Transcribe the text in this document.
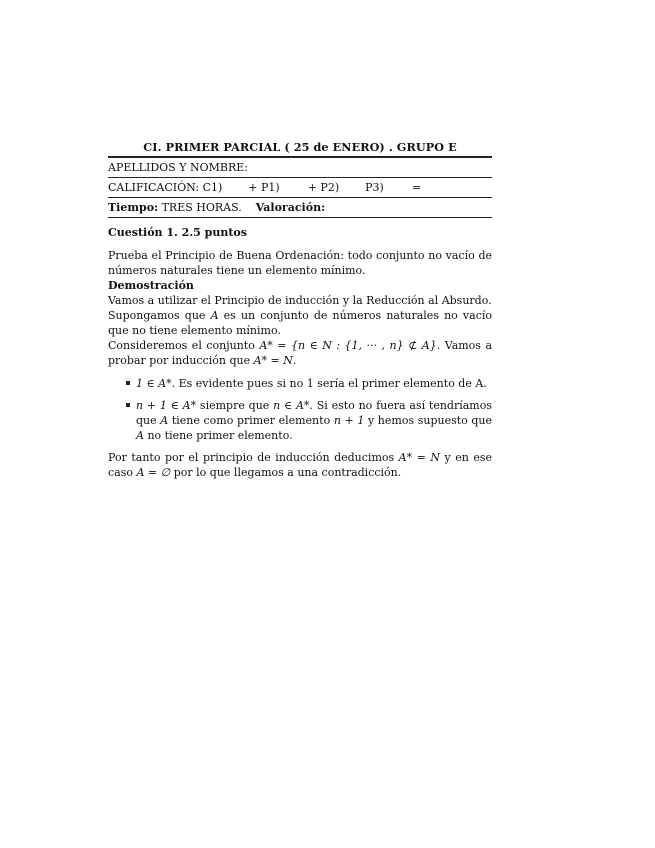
CI. PRIMER PARCIAL ( 25 de ENERO) . GRUPO E
APELLIDOS Y NOMBRE:
CALIFICACIÓN: C1) + P1)	+ P2) P3)	=
Tiempo: TRES HORAS. Valoración:
Cuestión 1. 2.5 puntos

Prueba el Principio de Buena Ordenación: todo conjunto no vacío de números naturales tiene un elemento mínimo.

Demostración

Vamos a utilizar el Principio de inducción y la Reducción al Absurdo.

Supongamos que A es un conjunto de números naturales no vacío que no tiene elemento mínimo.

Consideremos el conjunto A* = {n ∈ N : {1, ··· , n} ⊄ A}. Vamos a probar por inducción que A* = N.

1 ∈ A*. Es evidente pues si no 1 sería el primer elemento de A.
n + 1 ∈ A* siempre que n ∈ A*. Si esto no fuera así tendríamos que A tiene como primer elemento n + 1 y hemos supuesto que A no tiene primer elemento.

Por tanto por el principio de inducción deducimos A* = N y en ese caso A = ∅ por lo que llegamos a una contradicción.
